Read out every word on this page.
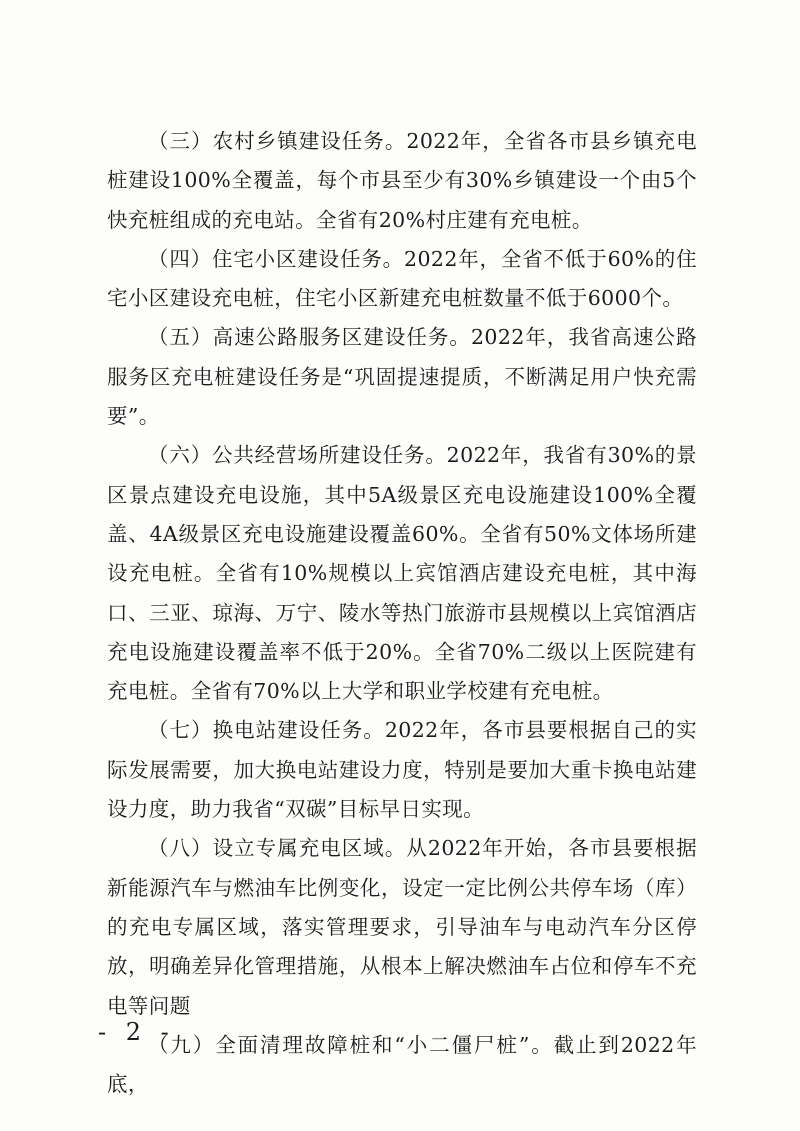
（三）农村乡镇建设任务。2022年，全省各市县乡镇充电桩建设100%全覆盖，每个市县至少有30%乡镇建设一个由5个快充桩组成的充电站。全省有20%村庄建有充电桩。

（四）住宅小区建设任务。2022年，全省不低于60%的住宅小区建设充电桩，住宅小区新建充电桩数量不低于6000个。

（五）高速公路服务区建设任务。2022年，我省高速公路服务区充电桩建设任务是“巩固提速提质，不断满足用户快充需要”。

（六）公共经营场所建设任务。2022年，我省有30%的景区景点建设充电设施，其中5A级景区充电设施建设100%全覆盖、4A级景区充电设施建设覆盖60%。全省有50%文体场所建设充电桩。全省有10%规模以上宾馆酒店建设充电桩，其中海口、三亚、琼海、万宁、陵水等热门旅游市县规模以上宾馆酒店充电设施建设覆盖率不低于20%。全省70%二级以上医院建有充电桩。全省有70%以上大学和职业学校建有充电桩。

（七）换电站建设任务。2022年，各市县要根据自己的实际发展需要，加大换电站建设力度，特别是要加大重卡换电站建设力度，助力我省“双碳”目标早日实现。

（八）设立专属充电区域。从2022年开始，各市县要根据新能源汽车与燃油车比例变化，设定一定比例公共停车场（库）的充电专属区域，落实管理要求，引导油车与电动汽车分区停放，明确差异化管理措施，从根本上解决燃油车占位和停车不充电等问题

（九）全面清理故障桩和“小二僵尸桩”。截止到2022年底，

- 2 -
